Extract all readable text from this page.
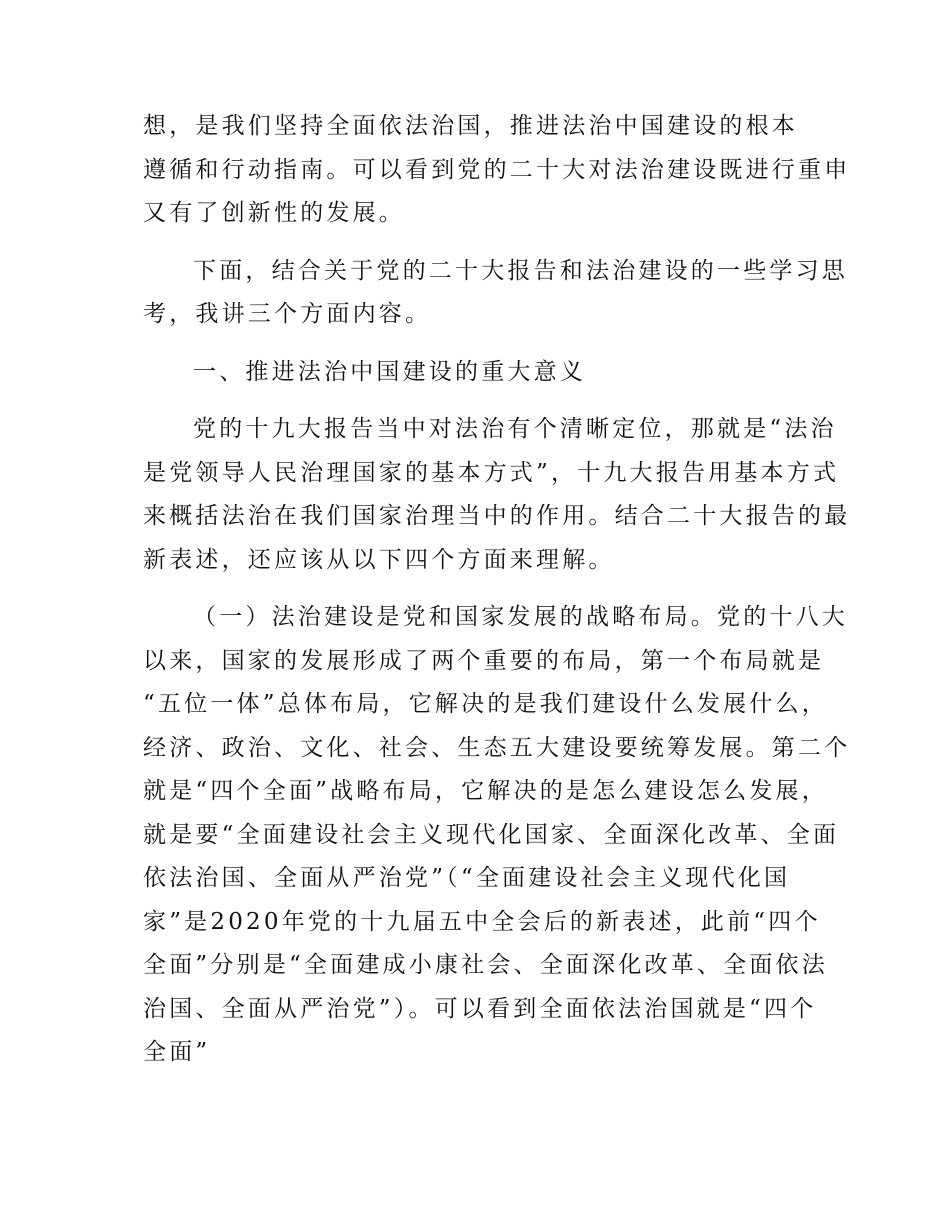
想，是我们坚持全面依法治国，推进法治中国建设的根本
遵循和行动指南。可以看到党的二十大对法治建设既进行重申
又有了创新性的发展。

下面，结合关于党的二十大报告和法治建设的一些学习思
考，我讲三个方面内容。

一、推进法治中国建设的重大意义

党的十九大报告当中对法治有个清晰定位，那就是“法治
是党领导人民治理国家的基本方式”，十九大报告用基本方式
来概括法治在我们国家治理当中的作用。结合二十大报告的最
新表述，还应该从以下四个方面来理解。

（一）法治建设是党和国家发展的战略布局。党的十八大
以来，国家的发展形成了两个重要的布局，第一个布局就是
“五位一体”总体布局，它解决的是我们建设什么发展什么，
经济、政治、文化、社会、生态五大建设要统筹发展。第二个
就是“四个全面”战略布局，它解决的是怎么建设怎么发展，
就是要“全面建设社会主义现代化国家、全面深化改革、全面
依法治国、全面从严治党”（“全面建设社会主义现代化国
家”是2020年党的十九届五中全会后的新表述，此前“四个
全面”分别是“全面建成小康社会、全面深化改革、全面依法
治国、全面从严治党”）。可以看到全面依法治国就是“四个
全面”
